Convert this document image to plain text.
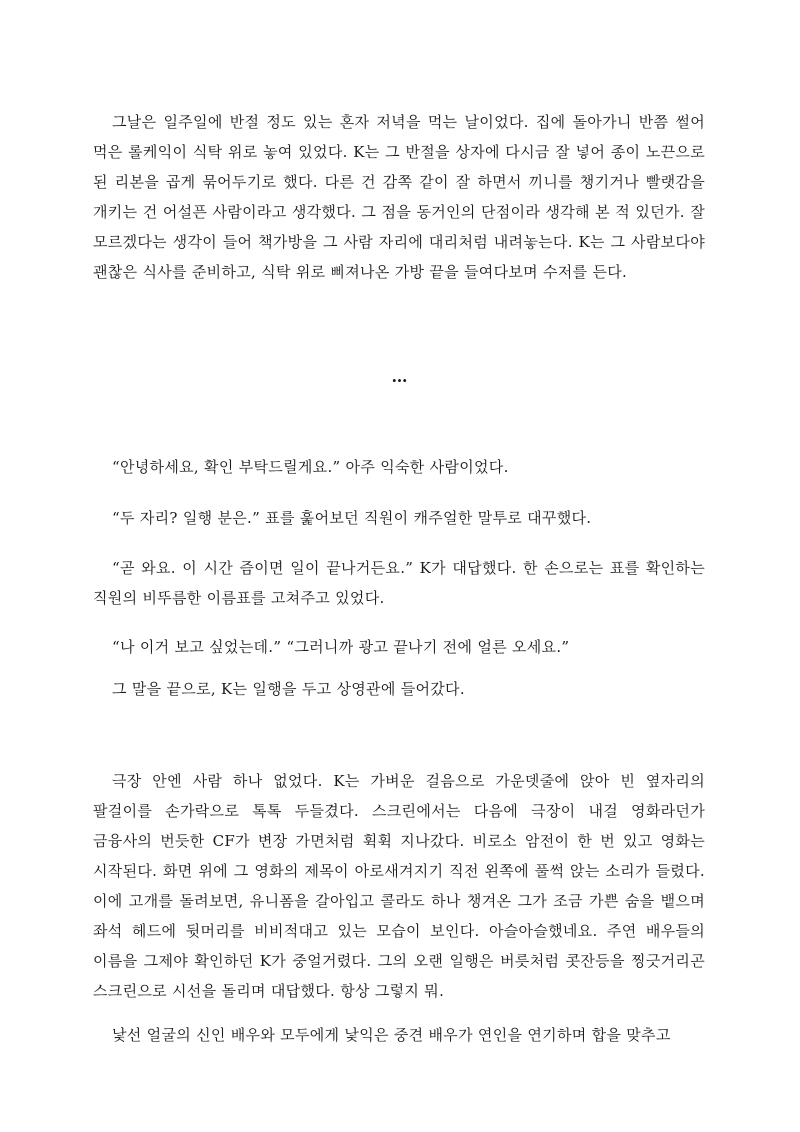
그날은 일주일에 반절 정도 있는 혼자 저녁을 먹는 날이었다. 집에 돌아가니 반쯤 썰어 먹은 롤케익이 식탁 위로 놓여 있었다. K는 그 반절을 상자에 다시금 잘 넣어 종이 노끈으로 된 리본을 곱게 묶어두기로 했다. 다른 건 감쪽 같이 잘 하면서 끼니를 챙기거나 빨랫감을 개키는 건 어설픈 사람이라고 생각했다. 그 점을 동거인의 단점이라 생각해 본 적 있던가. 잘 모르겠다는 생각이 들어 책가방을 그 사람 자리에 대리처럼 내려놓는다. K는 그 사람보다야 괜찮은 식사를 준비하고, 식탁 위로 삐져나온 가방 끝을 들여다보며 수저를 든다.

…

“안녕하세요, 확인 부탁드릴게요.” 아주 익숙한 사람이었다.

“두 자리? 일행 분은.” 표를 훑어보던 직원이 캐주얼한 말투로 대꾸했다.

“곧 와요. 이 시간 즘이면 일이 끝나거든요.” K가 대답했다. 한 손으로는 표를 확인하는 직원의 비뚜름한 이름표를 고쳐주고 있었다.

“나 이거 보고 싶었는데.” “그러니까 광고 끝나기 전에 얼른 오세요.”

그 말을 끝으로, K는 일행을 두고 상영관에 들어갔다.

극장 안엔 사람 하나 없었다. K는 가벼운 걸음으로 가운뎃줄에 앉아 빈 옆자리의 팔걸이를 손가락으로 톡톡 두들겼다. 스크린에서는 다음에 극장이 내걸 영화라던가 금융사의 번듯한 CF가 변장 가면처럼 휙휙 지나갔다. 비로소 암전이 한 번 있고 영화는 시작된다. 화면 위에 그 영화의 제목이 아로새겨지기 직전 왼쪽에 풀썩 앉는 소리가 들렸다. 이에 고개를 돌려보면, 유니폼을 갈아입고 콜라도 하나 챙겨온 그가 조금 가쁜 숨을 뱉으며 좌석 헤드에 뒷머리를 비비적대고 있는 모습이 보인다. 아슬아슬했네요. 주연 배우들의 이름을 그제야 확인하던 K가 중얼거렸다. 그의 오랜 일행은 버릇처럼 콧잔등을 찡긋거리곤 스크린으로 시선을 돌리며 대답했다. 항상 그렇지 뭐.

낯선 얼굴의 신인 배우와 모두에게 낯익은 중견 배우가 연인을 연기하며 합을 맞추고
